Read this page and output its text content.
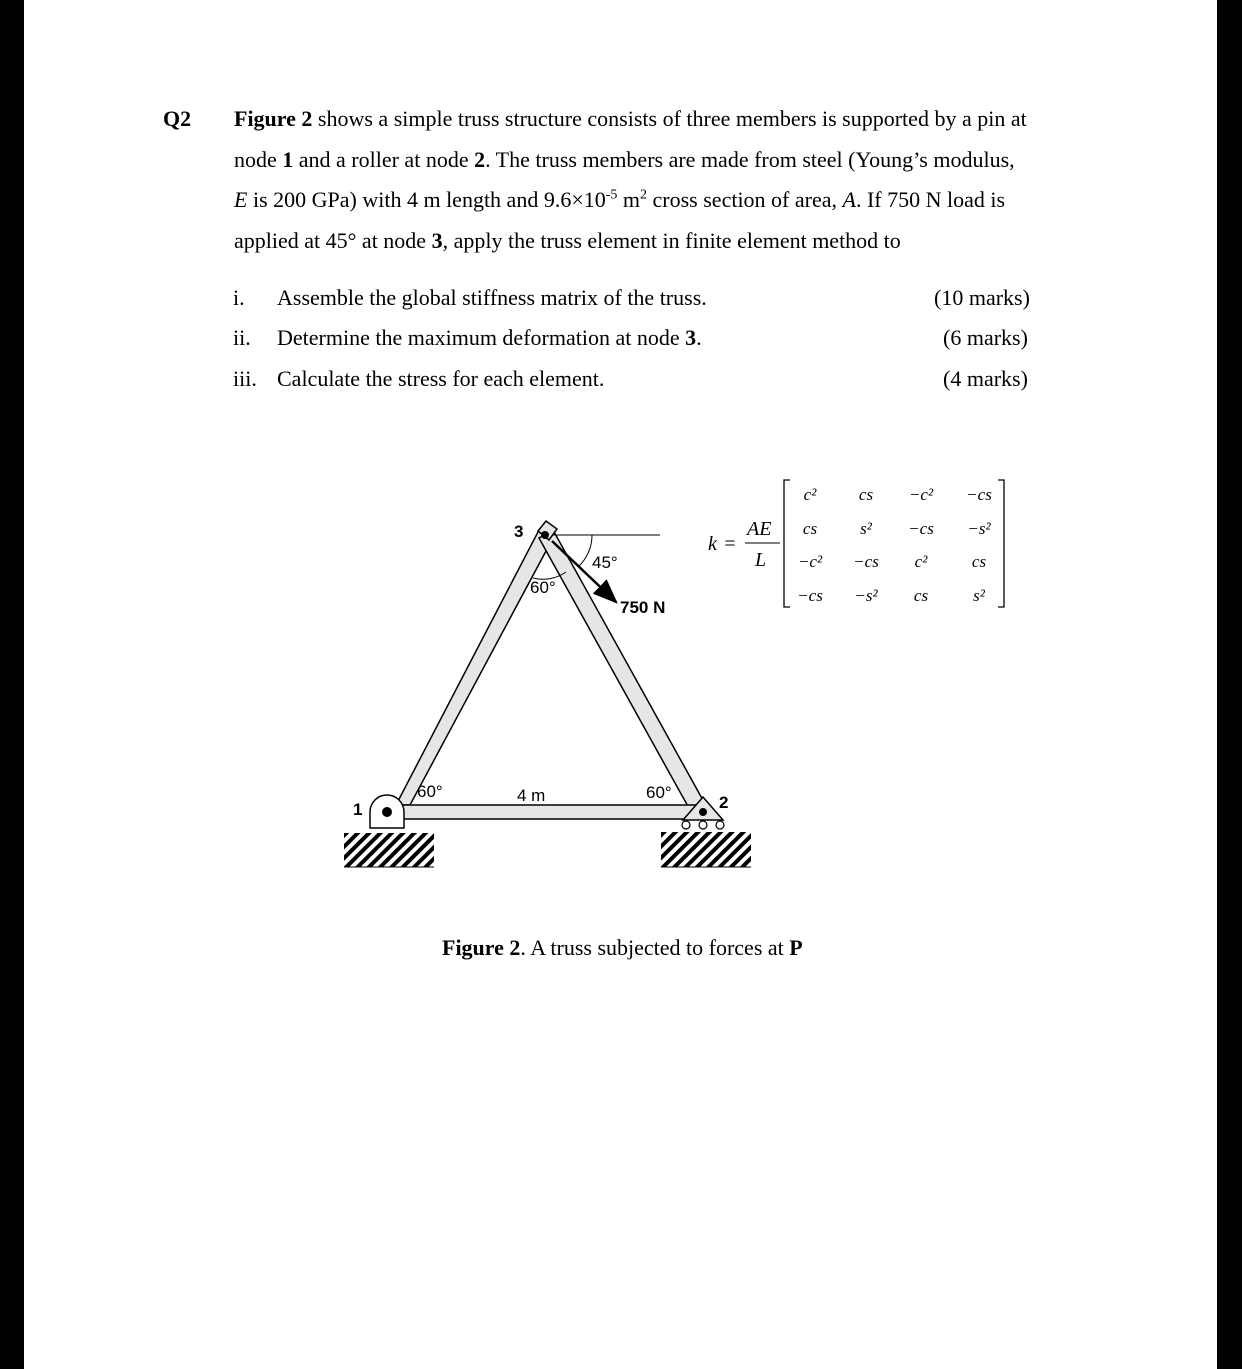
Q2 Figure 2 shows a simple truss structure consists of three members is supported by a pin at
node 1 and a roller at node 2. The truss members are made from steel (Young’s modulus,
E is 200 GPa) with 4 m length and $9.6\times 10^{-5}$ $m^2$ cross section of area, A. If 750 N load is
applied at 45° at node 3, apply the truss element in finite element method to
i. Assemble the global stiffness matrix of the truss.	(10 marks)
ii. Determine the maximum deformation at node 3.	(6 marks)
iii. Calculate the stress for each element.	(4 marks)
1	2
3
60°
45°
750 N
60°	4 m	60°
k =
AE
L
c²	cs −c² −cs
cs	s² −cs −s²
−c² −cs c²	cs
−cs −s² cs	s²
Figure 2. A truss subjected to forces at P
